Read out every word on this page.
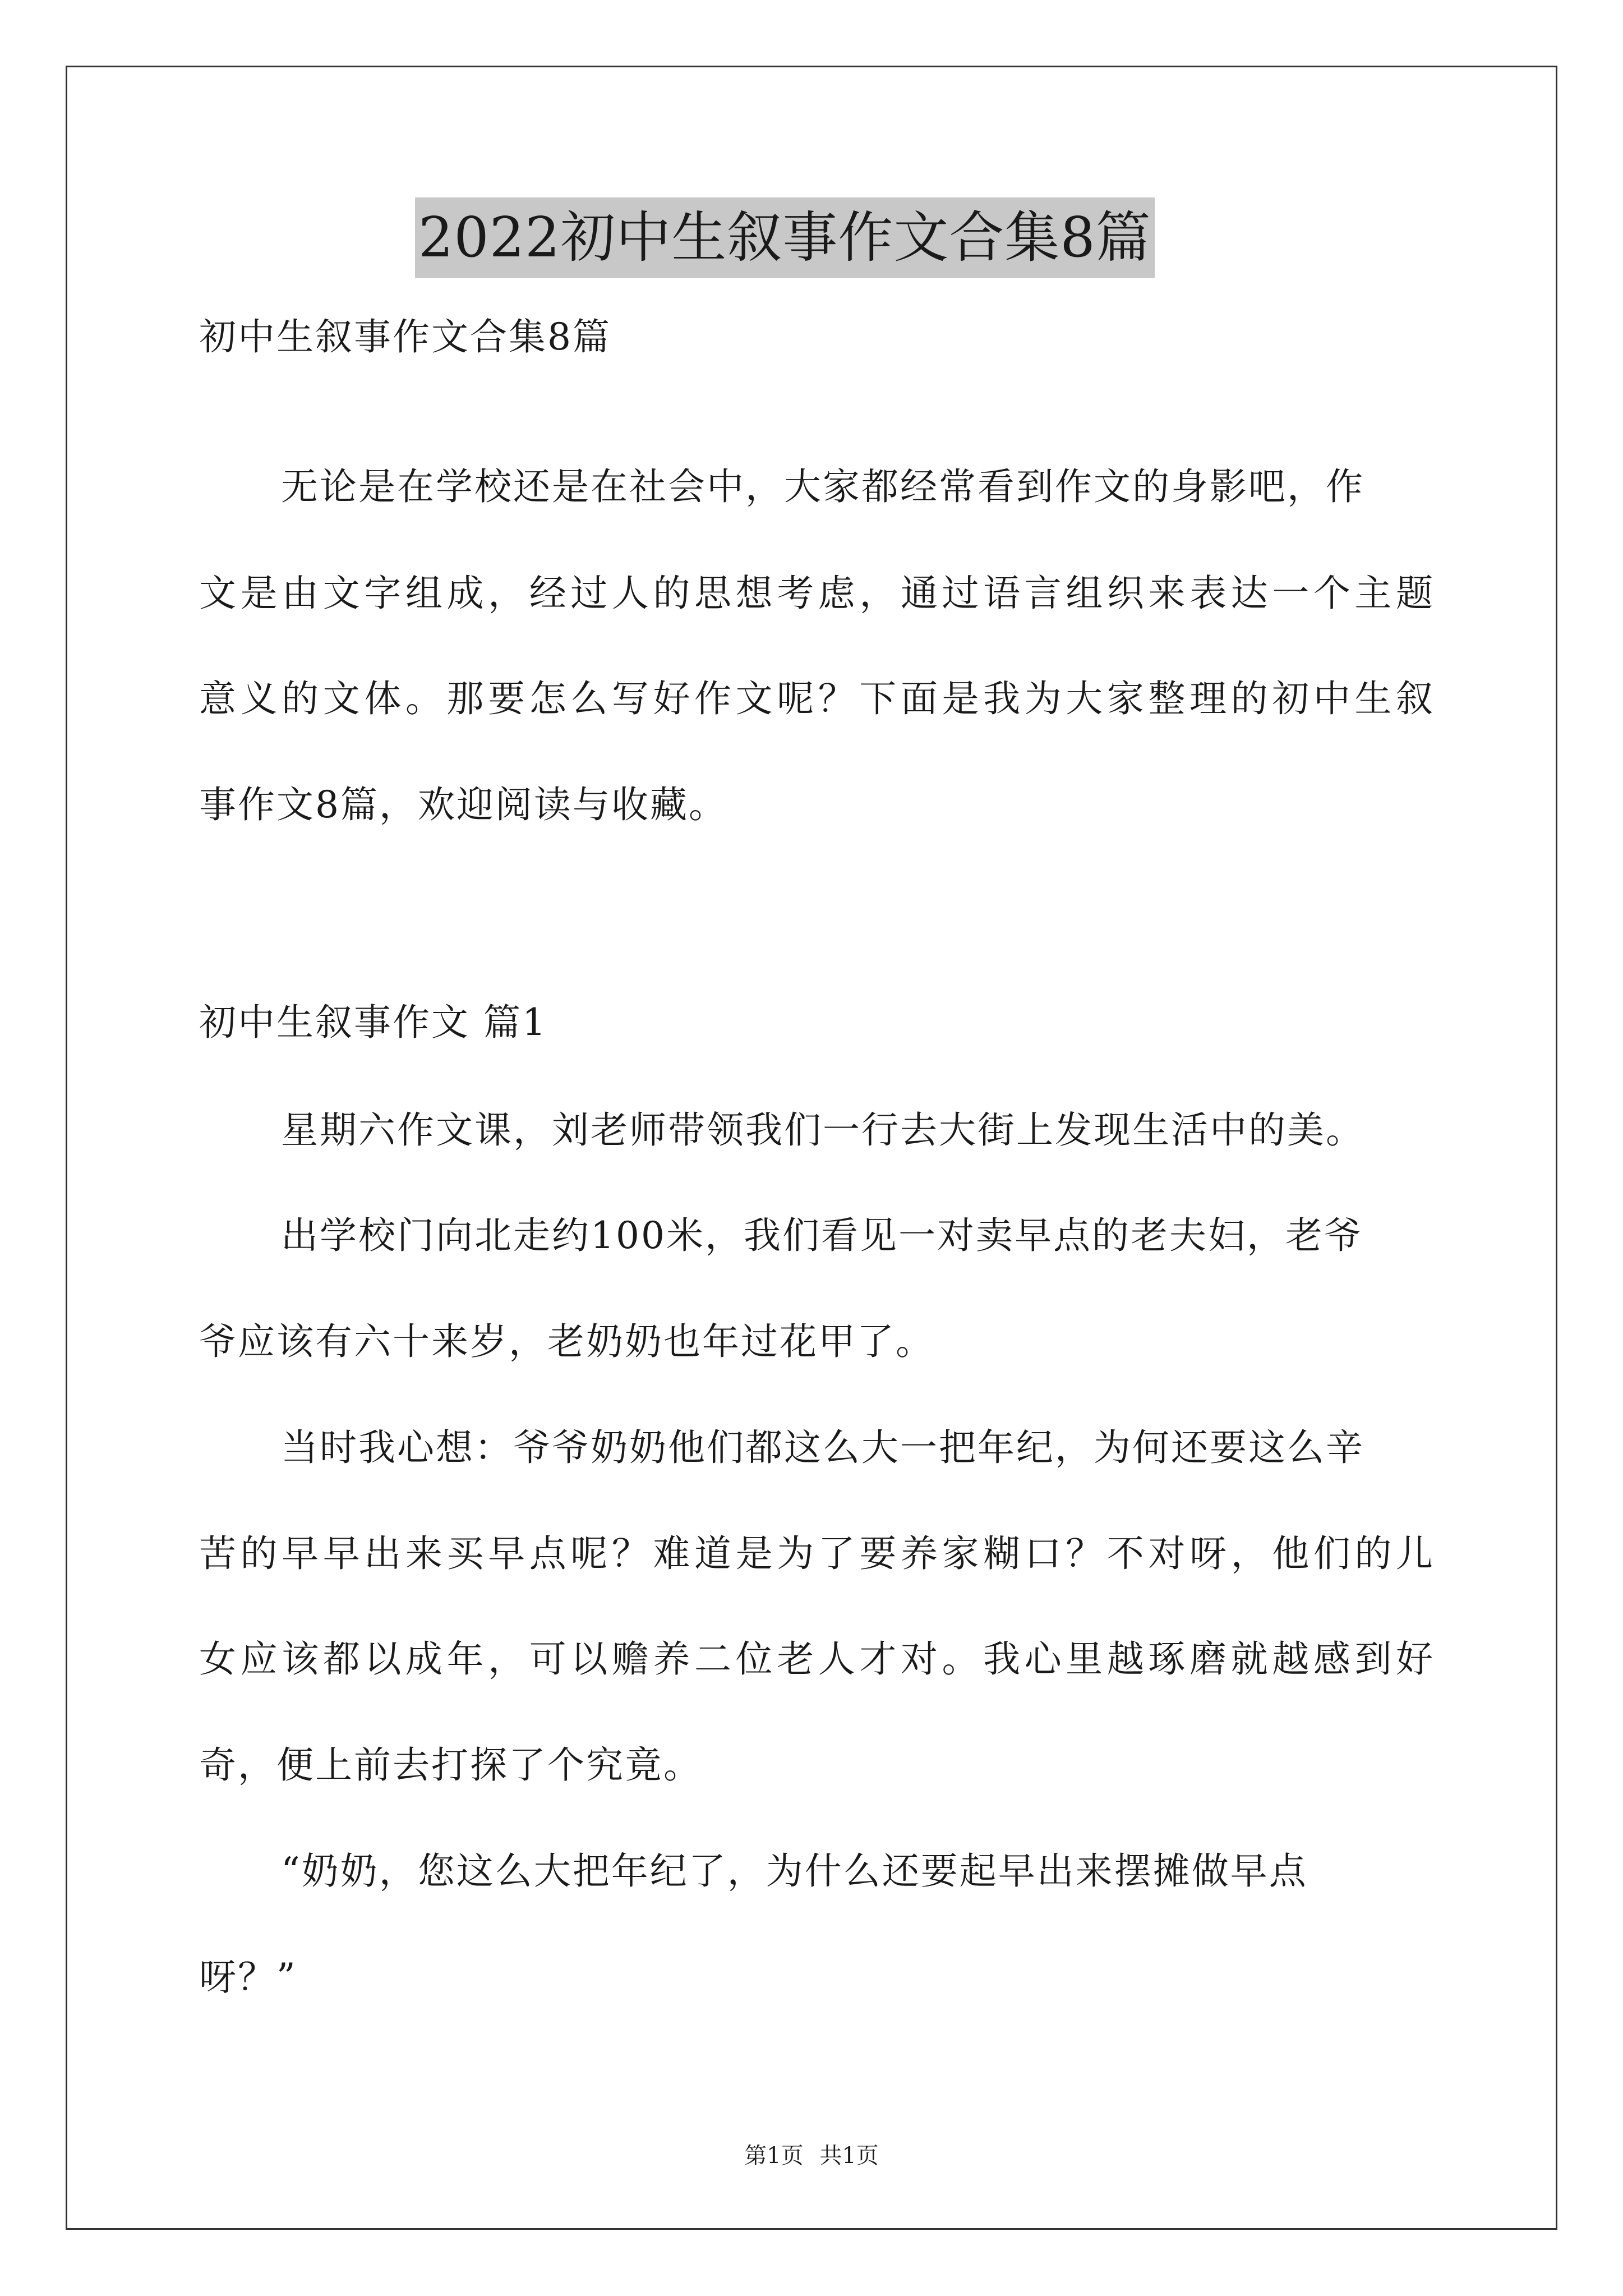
2022初中生叙事作文合集8篇
初中生叙事作文合集8篇
无论是在学校还是在社会中，大家都经常看到作文的身影吧，作
文是由文字组成，经过人的思想考虑，通过语言组织来表达一个主题
意义的文体。那要怎么写好作文呢？下面是我为大家整理的初中生叙
事作文8篇，欢迎阅读与收藏。
初中生叙事作文 篇1
星期六作文课，刘老师带领我们一行去大街上发现生活中的美。
出学校门向北走约100米，我们看见一对卖早点的老夫妇，老爷
爷应该有六十来岁，老奶奶也年过花甲了。
当时我心想：爷爷奶奶他们都这么大一把年纪，为何还要这么辛
苦的早早出来买早点呢？难道是为了要养家糊口？不对呀，他们的儿
女应该都以成年，可以赡养二位老人才对。我心里越琢磨就越感到好
奇，便上前去打探了个究竟。
“奶奶，您这么大把年纪了，为什么还要起早出来摆摊做早点
呀？”
第1页 共1页
